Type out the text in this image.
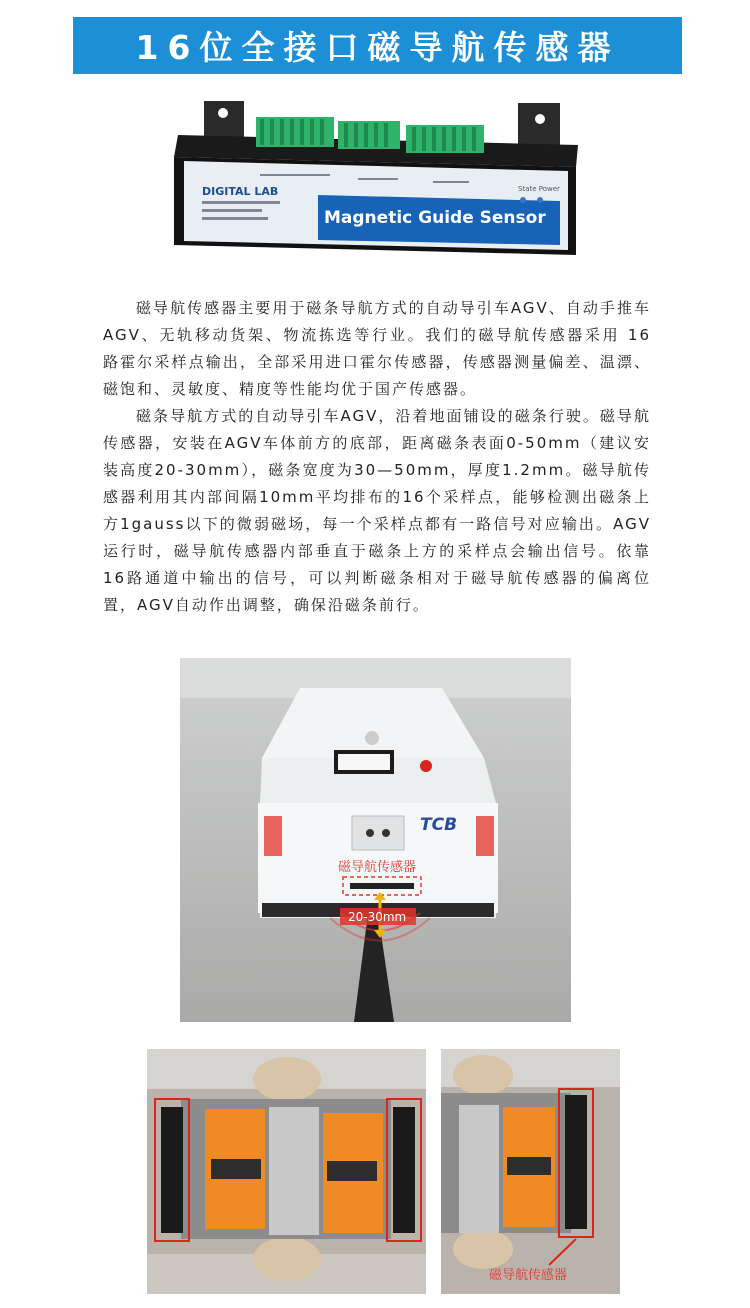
16位全接口磁导航传感器
Magnetic Guide Sensor
DIGITAL LAB	State Power

磁导航传感器主要用于磁条导航方式的自动导引车AGV、自动手推车AGV、无轨移动货架、物流拣选等行业。我们的磁导航传感器采用 16 路霍尔采样点输出，全部采用进口霍尔传感器，传感器测量偏差、温漂、磁饱和、灵敏度、精度等性能均优于国产传感器。

磁条导航方式的自动导引车AGV，沿着地面铺设的磁条行驶。磁导航传感器，安装在AGV车体前方的底部，距离磁条表面0-50mm（建议安装高度20-30mm），磁条宽度为30—50mm，厚度1.2mm。磁导航传感器利用其内部间隔10mm平均排布的16个采样点，能够检测出磁条上方1gauss以下的微弱磁场，每一个采样点都有一路信号对应输出。AGV运行时，磁导航传感器内部垂直于磁条上方的采样点会输出信号。依靠16路通道中输出的信号，可以判断磁条相对于磁导航传感器的偏离位置，AGV自动作出调整，确保沿磁条前行。

TCB
磁导航传感器
20-30mm
磁导航传感器
